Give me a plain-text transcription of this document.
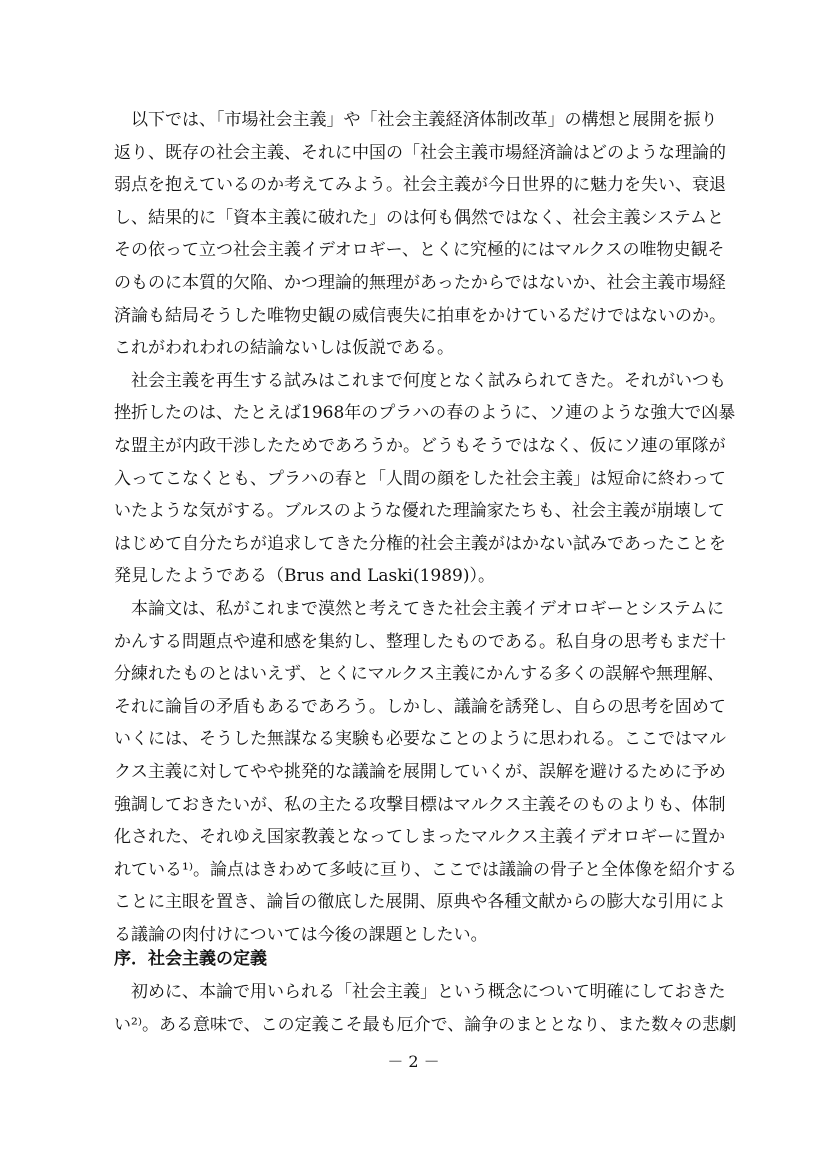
以下では、「市場社会主義」や「社会主義経済体制改革」の構想と展開を振り
返り、既存の社会主義、それに中国の「社会主義市場経済論はどのような理論的
弱点を抱えているのか考えてみよう。社会主義が今日世界的に魅力を失い、衰退
し、結果的に「資本主義に破れた」のは何も偶然ではなく、社会主義システムと
その依って立つ社会主義イデオロギー、とくに究極的にはマルクスの唯物史観そ
のものに本質的欠陥、かつ理論的無理があったからではないか、社会主義市場経
済論も結局そうした唯物史観の威信喪失に拍車をかけているだけではないのか。
これがわれわれの結論ないしは仮説である。
社会主義を再生する試みはこれまで何度となく試みられてきた。それがいつも
挫折したのは、たとえば1968年のプラハの春のように、ソ連のような強大で凶暴
な盟主が内政干渉したためであろうか。どうもそうではなく、仮にソ連の軍隊が
入ってこなくとも、プラハの春と「人間の顔をした社会主義」は短命に終わって
いたような気がする。ブルスのような優れた理論家たちも、社会主義が崩壊して
はじめて自分たちが追求してきた分権的社会主義がはかない試みであったことを
発見したようである（Brus and Laski(1989)）。
本論文は、私がこれまで漠然と考えてきた社会主義イデオロギーとシステムに
かんする問題点や違和感を集約し、整理したものである。私自身の思考もまだ十
分練れたものとはいえず、とくにマルクス主義にかんする多くの誤解や無理解、
それに論旨の矛盾もあるであろう。しかし、議論を誘発し、自らの思考を固めて
いくには、そうした無謀なる実験も必要なことのように思われる。ここではマル
クス主義に対してやや挑発的な議論を展開していくが、誤解を避けるために予め
強調しておきたいが、私の主たる攻撃目標はマルクス主義そのものよりも、体制
化された、それゆえ国家教義となってしまったマルクス主義イデオロギーに置か
れている¹⁾。論点はきわめて多岐に亘り、ここでは議論の骨子と全体像を紹介する
ことに主眼を置き、論旨の徹底した展開、原典や各種文献からの膨大な引用によ
る議論の肉付けについては今後の課題としたい。
序．社会主義の定義
初めに、本論で用いられる「社会主義」という概念について明確にしておきた
い²⁾。ある意味で、この定義こそ最も厄介で、論争のまととなり、また数々の悲劇
－ 2 －
